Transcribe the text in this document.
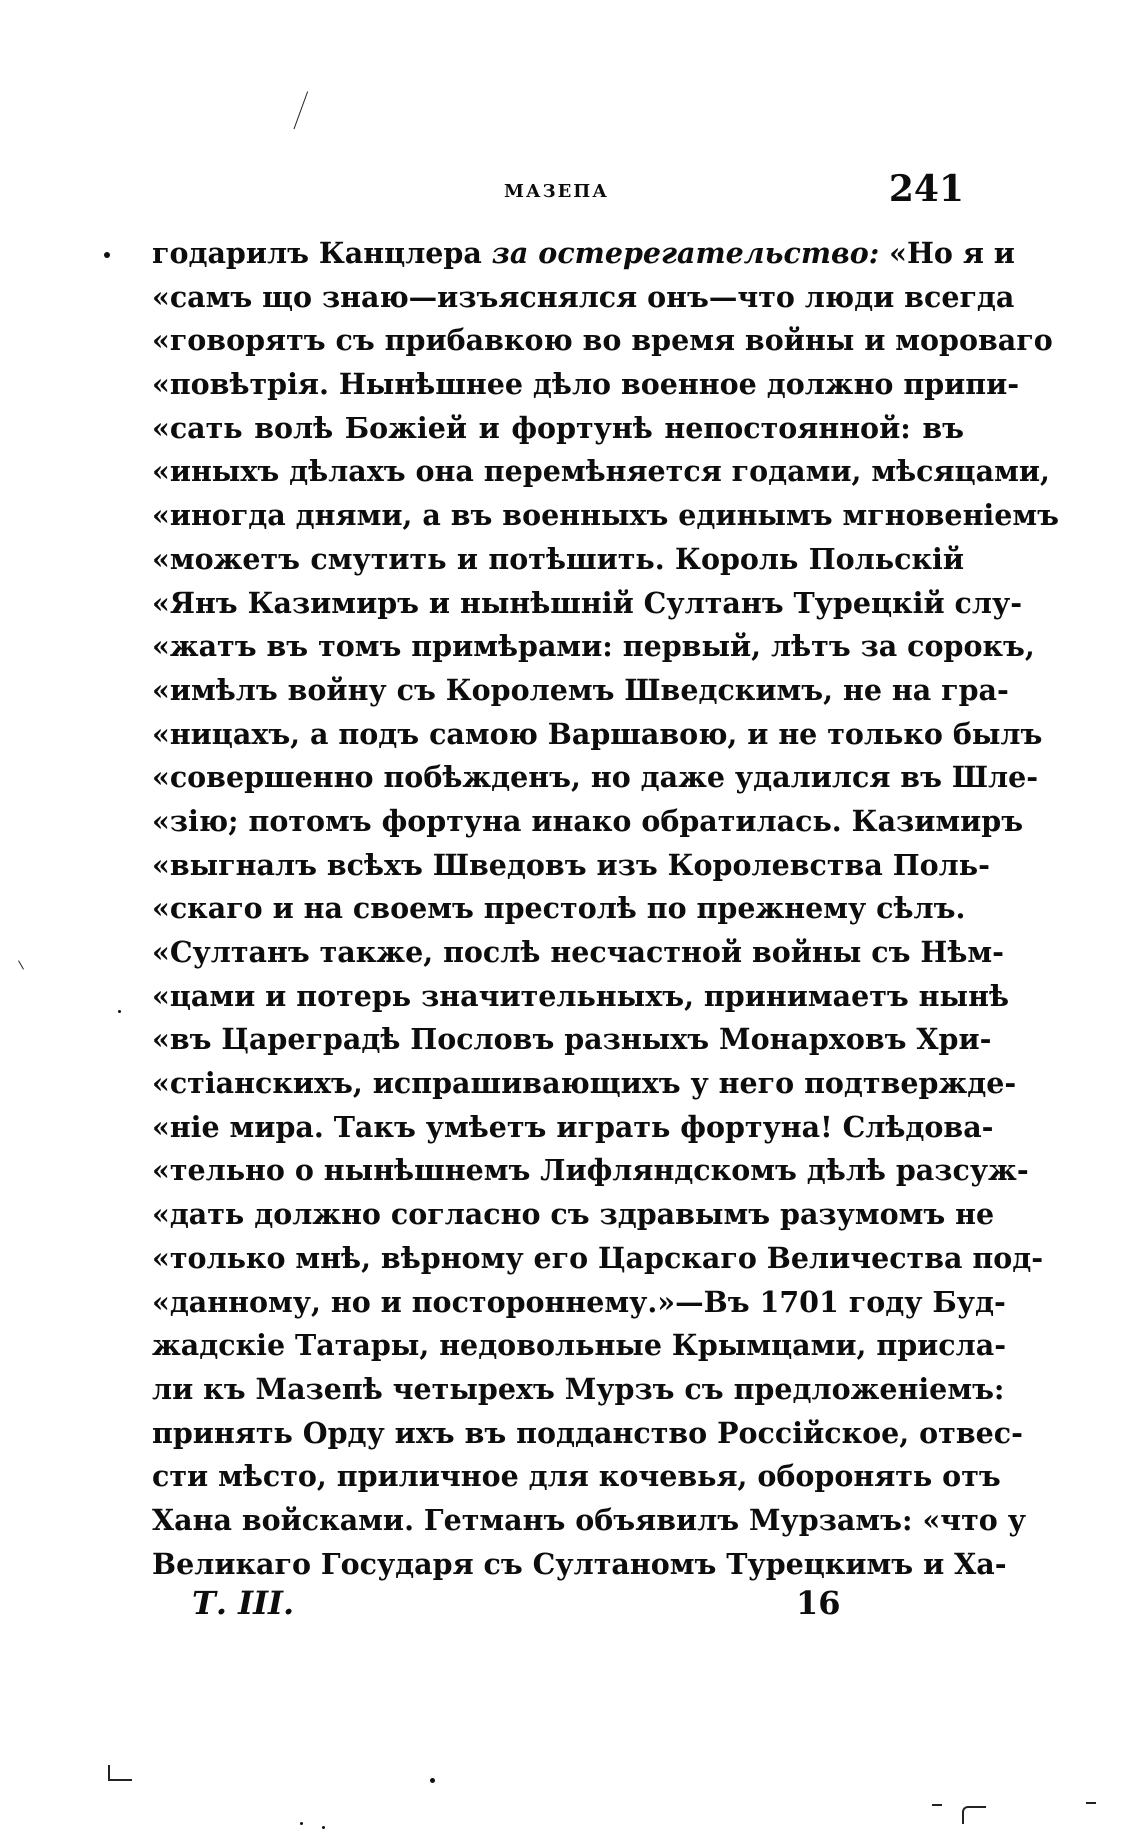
мазепа	241
годарилъ Канцлера за остерегательство: «Но я и
«самъ що знаю—изъяснялся онъ—что люди всегда
«говорятъ съ прибавкою во время войны и мороваго
«повѣтрія. Нынѣшнее дѣло военное должно припи-
«сать волѣ Божіей и фортунѣ непостоянной: въ
«иныхъ дѣлахъ она перемѣняется годами, мѣсяцами,
«иногда днями, а въ военныхъ единымъ мгновеніемъ
«можетъ смутить и потѣшить. Король Польскій
«Янъ Казимиръ и нынѣшній Султанъ Турецкій слу-
«жатъ въ томъ примѣрами: первый, лѣтъ за сорокъ,
«имѣлъ войну съ Королемъ Шведскимъ, не на гра-
«ницахъ, а подъ самою Варшавою, и не только былъ
«совершенно побѣжденъ, но даже удалился въ Шле-
«зію; потомъ фортуна инако обратилась. Казимиръ
«выгналъ всѣхъ Шведовъ изъ Королевства Поль-
«скаго и на своемъ престолѣ по прежнему сѣлъ.
«Султанъ также, послѣ несчастной войны съ Нѣм-
«цами и потерь значительныхъ, принимаетъ нынѣ
«въ Цареградѣ Пословъ разныхъ Монарховъ Хри-
«стіанскихъ, испрашивающихъ у него подтвержде-
«ніе мира. Такъ умѣетъ играть фортуна! Слѣдова-
«тельно о нынѣшнемъ Лифляндскомъ дѣлѣ разсуж-
«дать должно согласно съ здравымъ разумомъ не
«только мнѣ, вѣрному его Царскаго Величества под-
«данному, но и постороннему.»—Въ 1701 году Буд-
жадскіе Татары, недовольные Крымцами, присла-
ли къ Мазепѣ четырехъ Мурзъ съ предложеніемъ:
принять Орду ихъ въ подданство Россійское, отвес-
сти мѣсто, приличное для кочевья, оборонять отъ
Хана войсками. Гетманъ объявилъ Мурзамъ: «что у
Великаго Государя съ Султаномъ Турецкимъ и Ха-
Т. III.	16
